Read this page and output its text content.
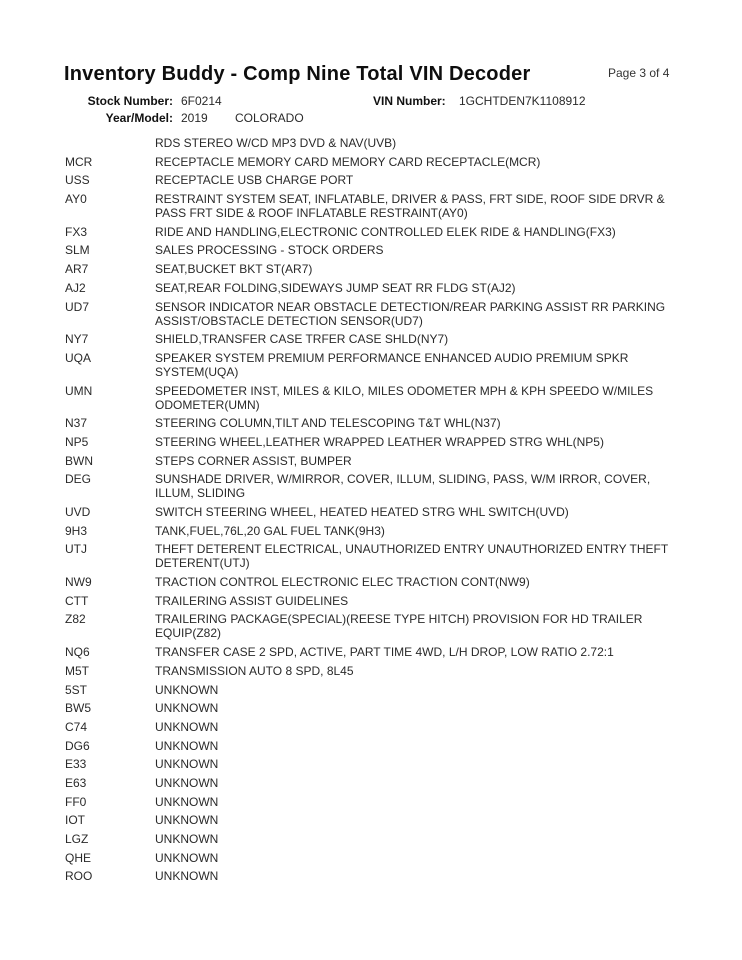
Inventory Buddy - Comp Nine Total VIN Decoder	Page 3 of 4
Stock Number: 6F0214	VIN Number: 1GCHTDEN7K1108912
Year/Model: 2019 COLORADO
RDS STEREO W/CD MP3 DVD & NAV(UVB)
MCR	RECEPTACLE MEMORY CARD MEMORY CARD RECEPTACLE(MCR)
USS	RECEPTACLE USB CHARGE PORT
AY0	RESTRAINT SYSTEM SEAT, INFLATABLE, DRIVER & PASS, FRT SIDE, ROOF SIDE DRVR & PASS FRT SIDE & ROOF INFLATABLE RESTRAINT(AY0)
FX3	RIDE AND HANDLING,ELECTRONIC CONTROLLED ELEK RIDE & HANDLING(FX3)
SLM	SALES PROCESSING - STOCK ORDERS
AR7	SEAT,BUCKET BKT ST(AR7)
AJ2	SEAT,REAR FOLDING,SIDEWAYS JUMP SEAT RR FLDG ST(AJ2)
UD7	SENSOR INDICATOR NEAR OBSTACLE DETECTION/REAR PARKING ASSIST RR PARKING ASSIST/OBSTACLE DETECTION SENSOR(UD7)
NY7	SHIELD,TRANSFER CASE TRFER CASE SHLD(NY7)
UQA	SPEAKER SYSTEM PREMIUM PERFORMANCE ENHANCED AUDIO PREMIUM SPKR SYSTEM(UQA)
UMN	SPEEDOMETER INST, MILES & KILO, MILES ODOMETER MPH & KPH SPEEDO W/MILES ODOMETER(UMN)
N37	STEERING COLUMN,TILT AND TELESCOPING T&T WHL(N37)
NP5	STEERING WHEEL,LEATHER WRAPPED LEATHER WRAPPED STRG WHL(NP5)
BWN	STEPS CORNER ASSIST, BUMPER
DEG	SUNSHADE DRIVER, W/MIRROR, COVER, ILLUM, SLIDING, PASS, W/M IRROR, COVER, ILLUM, SLIDING
UVD	SWITCH STEERING WHEEL, HEATED HEATED STRG WHL SWITCH(UVD)
9H3	TANK,FUEL,76L,20 GAL FUEL TANK(9H3)
UTJ	THEFT DETERENT ELECTRICAL, UNAUTHORIZED ENTRY UNAUTHORIZED ENTRY THEFT DETERENT(UTJ)
NW9	TRACTION CONTROL ELECTRONIC ELEC TRACTION CONT(NW9)
CTT	TRAILERING ASSIST GUIDELINES
Z82	TRAILERING PACKAGE(SPECIAL)(REESE TYPE HITCH) PROVISION FOR HD TRAILER EQUIP(Z82)
NQ6	TRANSFER CASE 2 SPD, ACTIVE, PART TIME 4WD, L/H DROP, LOW RATIO 2.72:1
M5T	TRANSMISSION AUTO 8 SPD, 8L45
5ST	UNKNOWN
BW5	UNKNOWN
C74	UNKNOWN
DG6	UNKNOWN
E33	UNKNOWN
E63	UNKNOWN
FF0	UNKNOWN
IOT	UNKNOWN
LGZ	UNKNOWN
QHE	UNKNOWN
ROO	UNKNOWN
